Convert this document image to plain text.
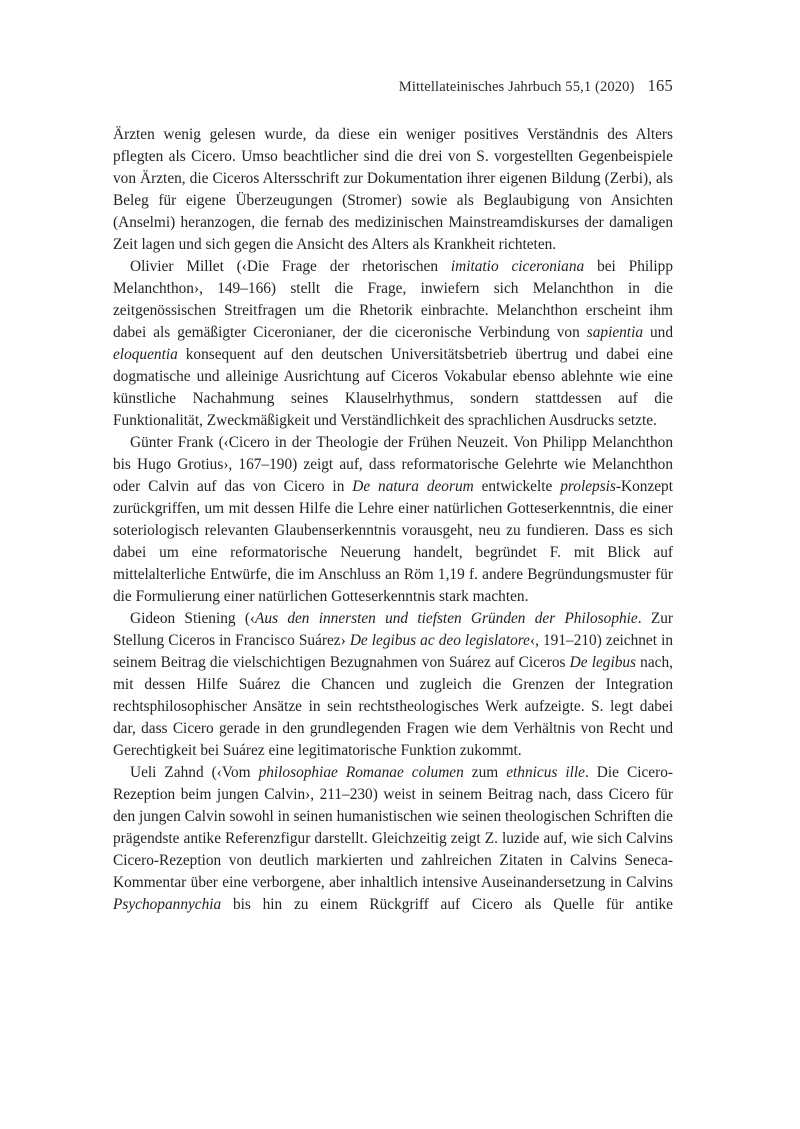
Mittellateinisches Jahrbuch 55,1 (2020) 165

Ärzten wenig gelesen wurde, da diese ein weniger positives Verständnis des Alters pflegten als Cicero. Umso beachtlicher sind die drei von S. vorgestellten Gegenbeispiele von Ärzten, die Ciceros Altersschrift zur Dokumentation ihrer eigenen Bildung (Zerbi), als Beleg für eigene Überzeugungen (Stromer) sowie als Beglaubigung von Ansichten (Anselmi) heranzogen, die fernab des medizinischen Mainstreamdiskurses der damaligen Zeit lagen und sich gegen die Ansicht des Alters als Krankheit richteten.

Olivier Millet (‹Die Frage der rhetorischen imitatio ciceroniana bei Philipp Melanchthon›, 149–166) stellt die Frage, inwiefern sich Melanchthon in die zeitgenössischen Streitfragen um die Rhetorik einbrachte. Melanchthon erscheint ihm dabei als gemäßigter Ciceronianer, der die ciceronische Verbindung von sapientia und eloquentia konsequent auf den deutschen Universitätsbetrieb übertrug und dabei eine dogmatische und alleinige Ausrichtung auf Ciceros Vokabular ebenso ablehnte wie eine künstliche Nachahmung seines Klauselrhythmus, sondern stattdessen auf die Funktionalität, Zweckmäßigkeit und Verständlichkeit des sprachlichen Ausdrucks setzte.

Günter Frank (‹Cicero in der Theologie der Frühen Neuzeit. Von Philipp Melanchthon bis Hugo Grotius›, 167–190) zeigt auf, dass reformatorische Gelehrte wie Melanchthon oder Calvin auf das von Cicero in De natura deorum entwickelte prolepsis-Konzept zurückgriffen, um mit dessen Hilfe die Lehre einer natürlichen Gotteserkenntnis, die einer soteriologisch relevanten Glaubenserkenntnis vorausgeht, neu zu fundieren. Dass es sich dabei um eine reformatorische Neuerung handelt, begründet F. mit Blick auf mittelalterliche Entwürfe, die im Anschluss an Röm 1,19 f. andere Begründungsmuster für die Formulierung einer natürlichen Gotteserkenntnis stark machten.

Gideon Stiening (‹Aus den innersten und tiefsten Gründen der Philosophie. Zur Stellung Ciceros in Francisco Suárez› De legibus ac deo legislatore‹, 191–210) zeichnet in seinem Beitrag die vielschichtigen Bezugnahmen von Suárez auf Ciceros De legibus nach, mit dessen Hilfe Suárez die Chancen und zugleich die Grenzen der Integration rechtsphilosophischer Ansätze in sein rechtstheologisches Werk aufzeigte. S. legt dabei dar, dass Cicero gerade in den grundlegenden Fragen wie dem Verhältnis von Recht und Gerechtigkeit bei Suárez eine legitimatorische Funktion zukommt.

Ueli Zahnd (‹Vom philosophiae Romanae columen zum ethnicus ille. Die Cicero-Rezeption beim jungen Calvin›, 211–230) weist in seinem Beitrag nach, dass Cicero für den jungen Calvin sowohl in seinen humanistischen wie seinen theologischen Schriften die prägendste antike Referenzfigur darstellt. Gleichzeitig zeigt Z. luzide auf, wie sich Calvins Cicero-Rezeption von deutlich markierten und zahlreichen Zitaten in Calvins Seneca-Kommentar über eine verborgene, aber inhaltlich intensive Auseinandersetzung in Calvins Psychopannychia bis hin zu einem Rückgriff auf Cicero als Quelle für antike
